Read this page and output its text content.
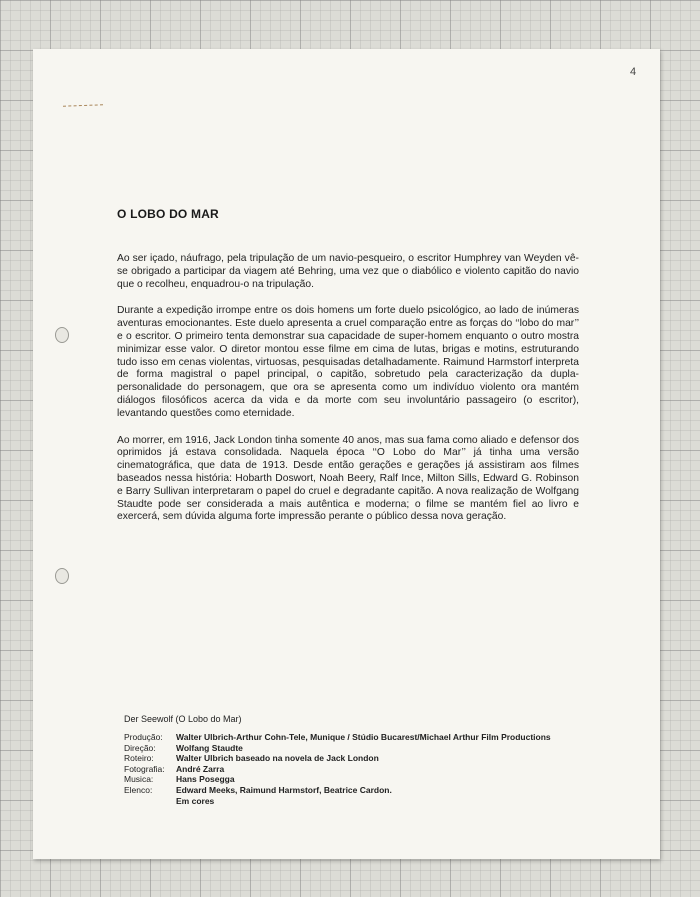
4
O LOBO DO MAR

Ao ser içado, náufrago, pela tripulação de um navio-pesqueiro, o escritor Humphrey van Weyden vê-se obrigado a participar da viagem até Behring, uma vez que o diabólico e violento capitão do navio que o recolheu, enquadrou-o na tripulação.

Durante a expedição irrompe entre os dois homens um forte duelo psicológico, ao lado de inúmeras aventuras emocionantes. Este duelo apresenta a cruel comparação entre as forças do ‘‘lobo do mar’’ e o escritor. O primeiro tenta demonstrar sua capacidade de super-homem enquanto o outro mostra minimizar esse valor. O diretor montou esse filme em cima de lutas, brigas e motins, estruturando tudo isso em cenas violentas, virtuosas, pesquisadas detalhadamente. Raimund Harmstorf interpreta de forma magistral o papel principal, o capitão, sobretudo pela caracterização da dupla-personalidade do personagem, que ora se apresenta como um indivíduo violento ora mantém diálogos filosóficos acerca da vida e da morte com seu involuntário passageiro (o escritor), levantando questões como eternidade.

Ao morrer, em 1916, Jack London tinha somente 40 anos, mas sua fama como aliado e defensor dos oprimidos já estava consolidada. Naquela época ‘‘O Lobo do Mar’’ já tinha uma versão cinematográfica, que data de 1913. Desde então gerações e gerações já assistiram aos filmes baseados nessa história: Hobarth Doswort, Noah Beery, Ralf Ince, Milton Sills, Edward G. Robinson e Barry Sullivan interpretaram o papel do cruel e degradante capitão. A nova realização de Wolfgang Staudte pode ser considerada a mais autêntica e moderna; o filme se mantém fiel ao livro e exercerá, sem dúvida alguma forte impressão perante o público dessa nova geração.

Der Seewolf (O Lobo do Mar)
Produção:	Walter Ulbrich-Arthur Cohn-Tele, Munique / Stúdio Bucarest/Michael Arthur Film Productions
Direção:	Wolfang Staudte
Roteiro:	Walter Ulbrich baseado na novela de Jack London
Fotografia:	André Zarra
Musica:	Hans Posegga
Elenco:	Edward Meeks, Raimund Harmstorf, Beatrice Cardon.
Em cores
